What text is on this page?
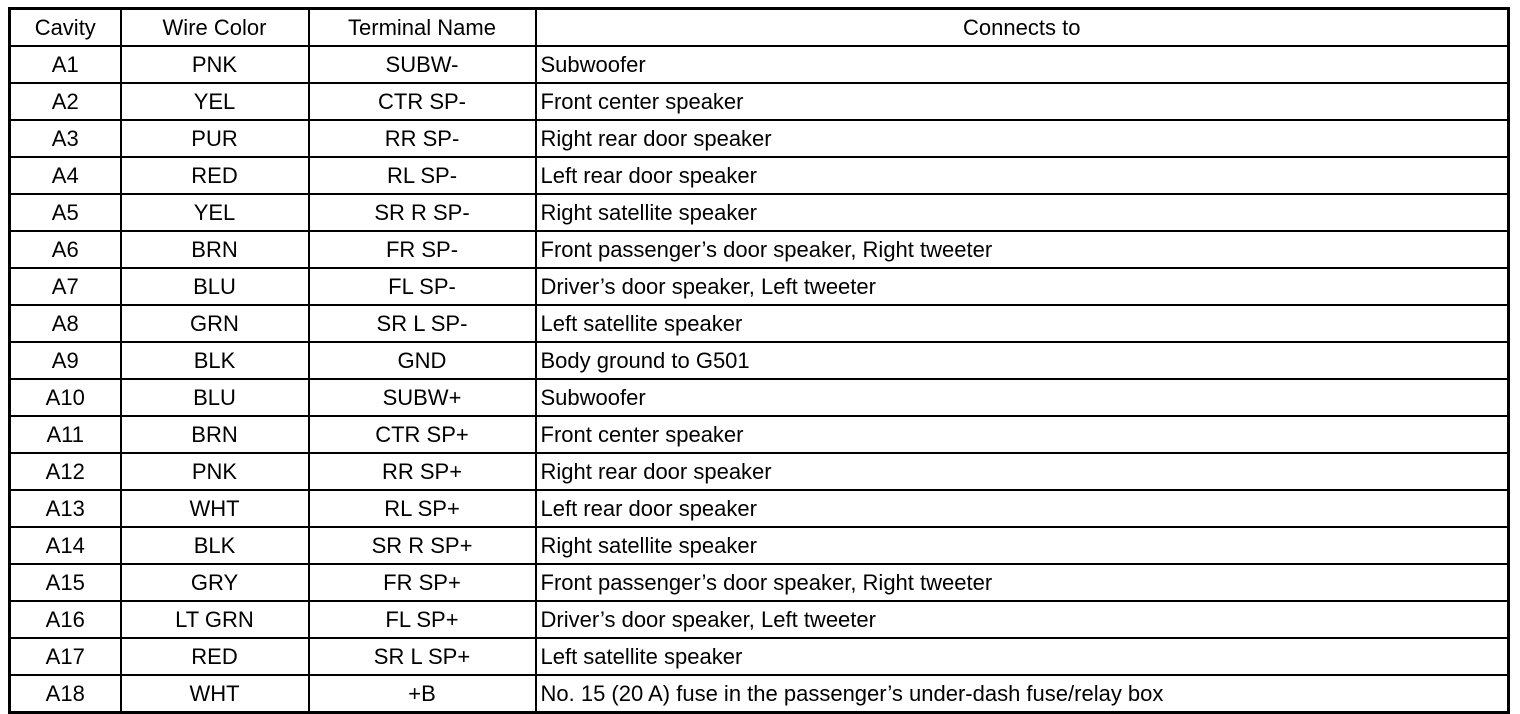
Cavity	Wire Color	Terminal Name	Connects to
A1	PNK	SUBW-	Subwoofer
A2	YEL	CTR SP-	Front center speaker
A3	PUR	RR SP-	Right rear door speaker
A4	RED	RL SP-	Left rear door speaker
A5	YEL	SR R SP-	Right satellite speaker
A6	BRN	FR SP-	Front passenger’s door speaker, Right tweeter
A7	BLU	FL SP-	Driver’s door speaker, Left tweeter
A8	GRN	SR L SP-	Left satellite speaker
A9	BLK	GND	Body ground to G501
A10	BLU	SUBW+	Subwoofer
A11	BRN	CTR SP+	Front center speaker
A12	PNK	RR SP+	Right rear door speaker
A13	WHT	RL SP+	Left rear door speaker
A14	BLK	SR R SP+	Right satellite speaker
A15	GRY	FR SP+	Front passenger’s door speaker, Right tweeter
A16	LT GRN	FL SP+	Driver’s door speaker, Left tweeter
A17	RED	SR L SP+	Left satellite speaker
A18	WHT	+B	No. 15 (20 A) fuse in the passenger’s under-dash fuse/relay box
